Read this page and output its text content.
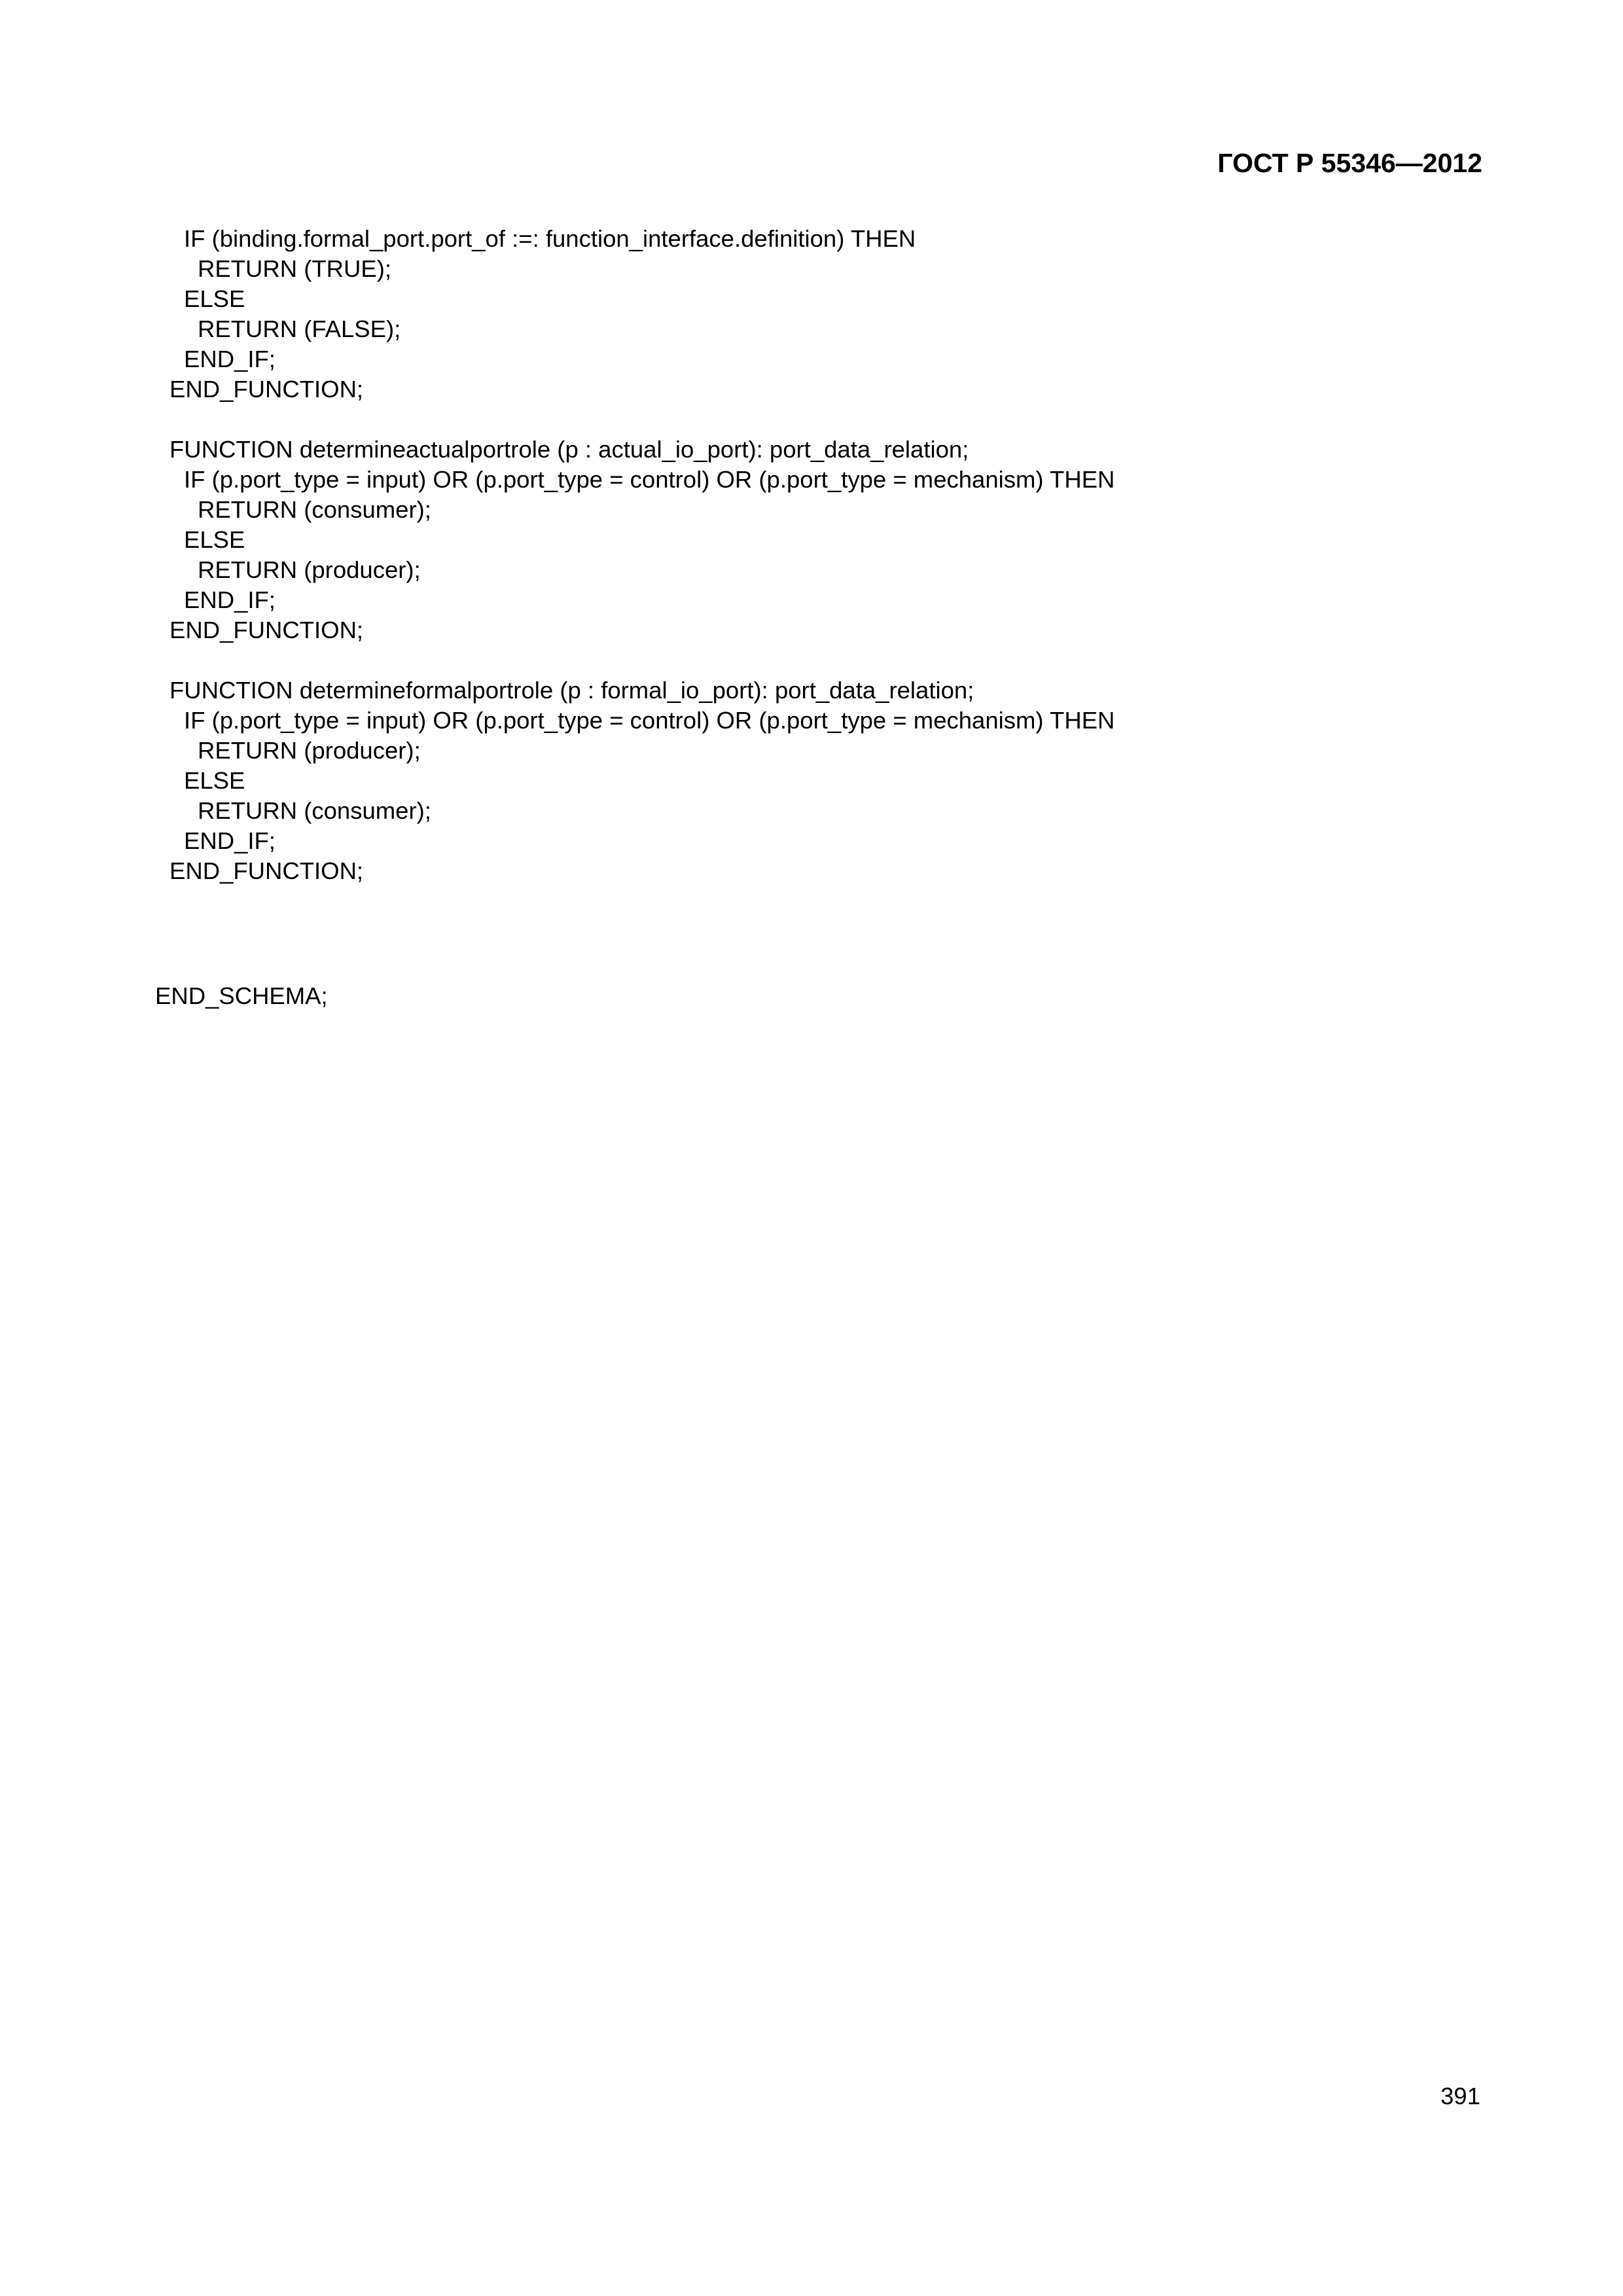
ГОСТ Р 55346—2012
IF (binding.formal_port.port_of :=: function_interface.definition) THEN
RETURN (TRUE);
ELSE
RETURN (FALSE);
END_IF;
END_FUNCTION;
FUNCTION determineactualportrole (p : actual_io_port): port_data_relation;
IF (p.port_type = input) OR (p.port_type = control) OR (p.port_type = mechanism) THEN
RETURN (consumer);
ELSE
RETURN (producer);
END_IF;
END_FUNCTION;
FUNCTION determineformalportrole (p : formal_io_port): port_data_relation;
IF (p.port_type = input) OR (p.port_type = control) OR (p.port_type = mechanism) THEN
RETURN (producer);
ELSE
RETURN (consumer);
END_IF;
END_FUNCTION;
END_SCHEMA;
391
